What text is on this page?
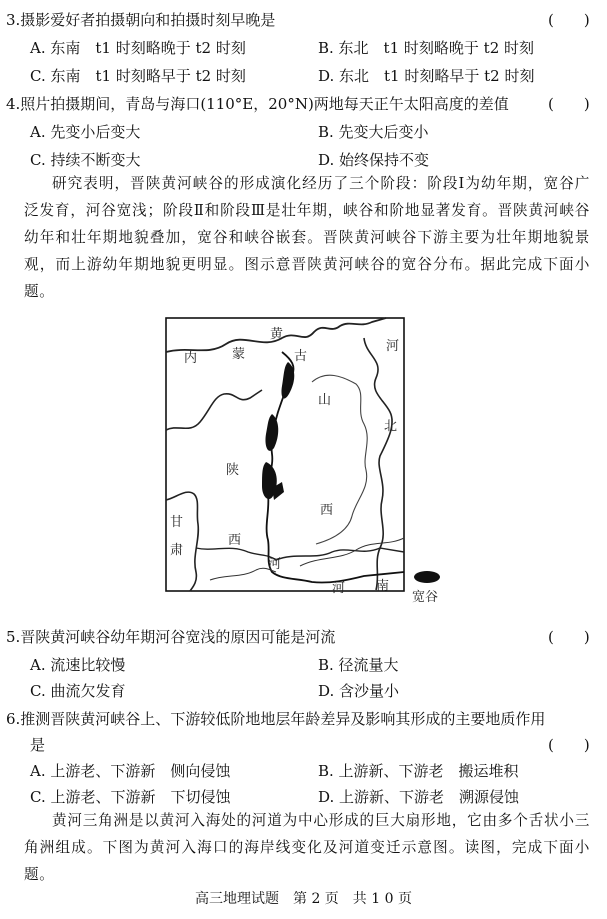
3.摄影爱好者拍摄朝向和拍摄时刻早晚是	(　　)
A. 东南　t1 时刻略晚于 t2 时刻	B. 东北　t1 时刻略晚于 t2 时刻
C. 东南　t1 时刻略早于 t2 时刻	D. 东北　t1 时刻略早于 t2 时刻
4.照片拍摄期间，青岛与海口(110°E，20°N)两地每天正午太阳高度的差值	(　　)
A. 先变小后变大	B. 先变大后变小
C. 持续不断变大	D. 始终保持不变
研究表明，晋陕黄河峡谷的形成演化经历了三个阶段：阶段Ⅰ为幼年期，宽谷广泛发育，河谷宽浅；阶段Ⅱ和阶段Ⅲ是壮年期，峡谷和阶地显著发育。晋陕黄河峡谷幼年和壮年期地貌叠加，宽谷和峡谷嵌套。晋陕黄河峡谷下游主要为壮年期地貌景观，而上游幼年期地貌更明显。图示意晋陕黄河峡谷的宽谷分布。据此完成下面小题。
黄
内	蒙	古
河
北
山
西
陕
西
甘
肃
河
河 南
宽谷
5.晋陕黄河峡谷幼年期河谷宽浅的原因可能是河流	(　　)
A. 流速比较慢	B. 径流量大
C. 曲流欠发育	D. 含沙量小
6.推测晋陕黄河峡谷上、下游较低阶地地层年龄差异及影响其形成的主要地质作用
是	(　　)
A. 上游老、下游新　侧向侵蚀	B. 上游新、下游老　搬运堆积
C. 上游老、下游新　下切侵蚀	D. 上游新、下游老　溯源侵蚀
黄河三角洲是以黄河入海处的河道为中心形成的巨大扇形地，它由多个舌状小三角洲组成。下图为黄河入海口的海岸线变化及河道变迁示意图。读图，完成下面小题。
高三地理试题　第 2 页　共 1 0 页
